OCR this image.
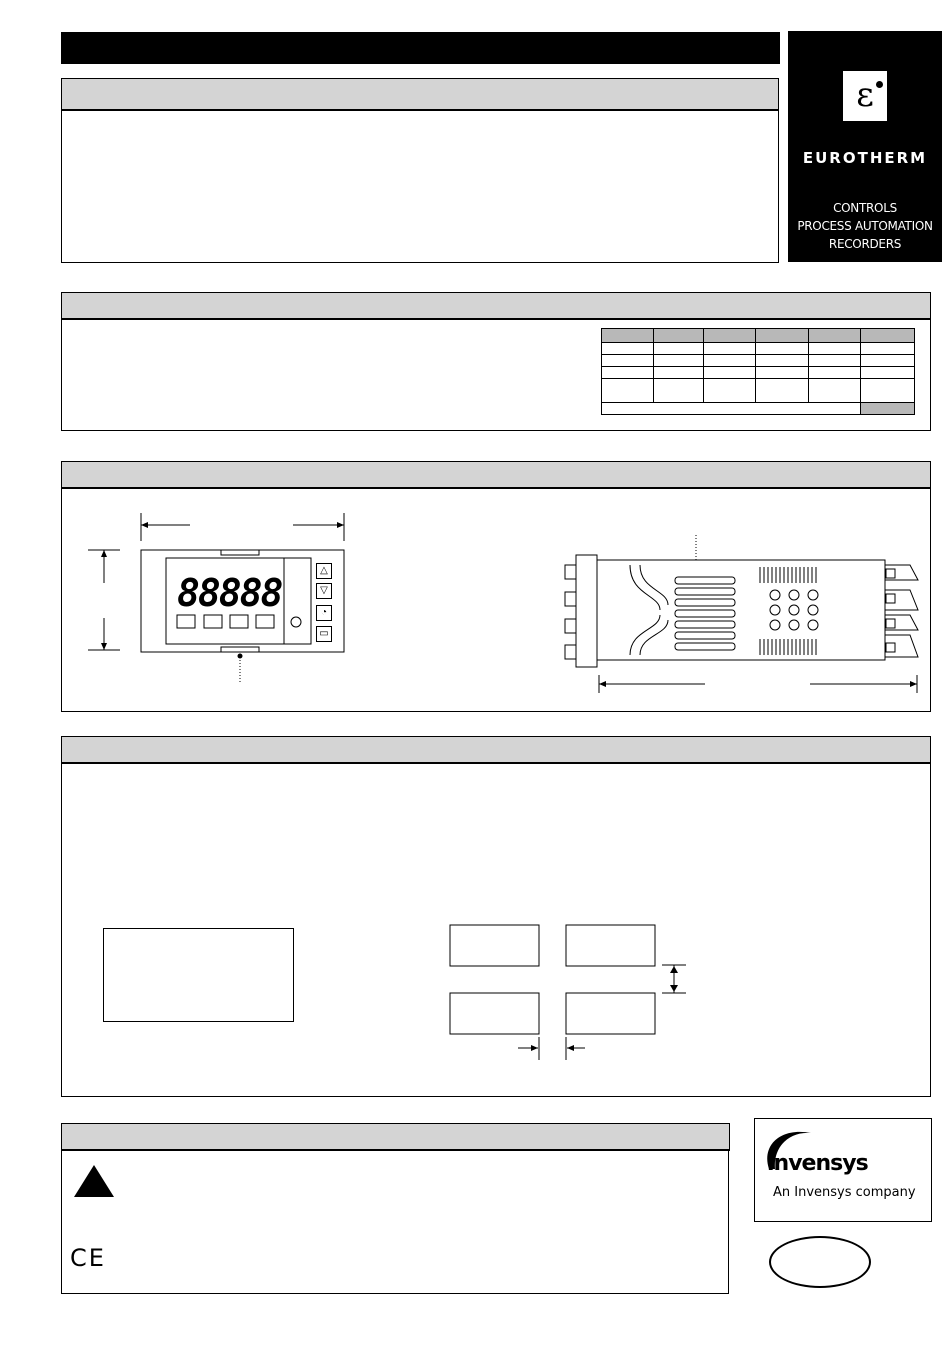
ε
EUROTHERM
CONTROLS
PROCESS AUTOMATION
RECORDERS

88888
△
▽
◔
▭
CE
ınvensys
An Invensys company
